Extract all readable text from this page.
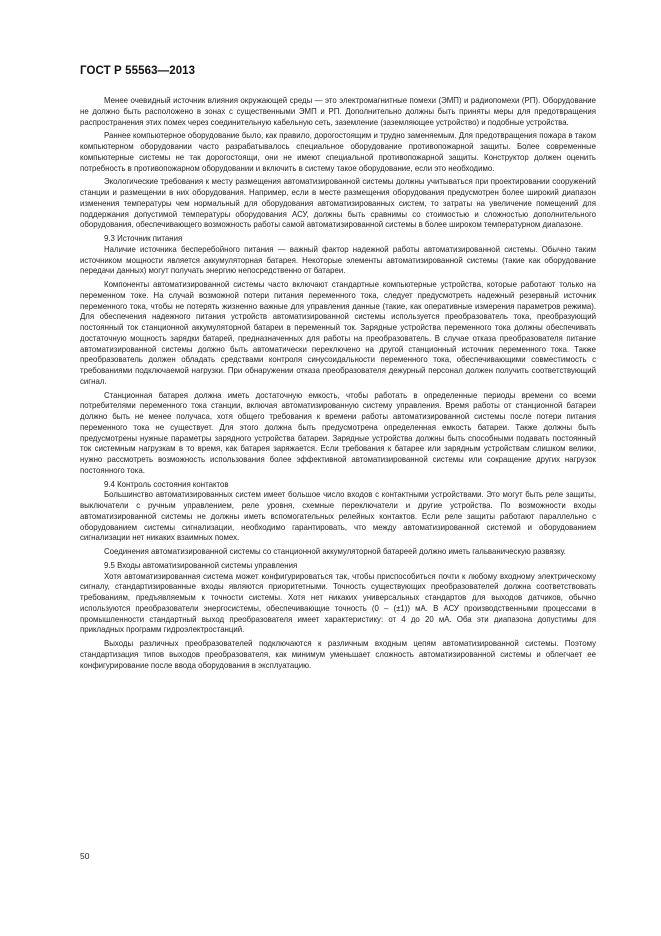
ГОСТ Р 55563—2013

Менее очевидный источник влияния окружающей среды — это электромагнитные помехи (ЭМП) и радиопомехи (РП). Оборудование не должно быть расположено в зонах с существенными ЭМП и РП. Дополнительно должны быть приняты меры для предотвращения распространения этих помех через соединительную кабельную сеть, заземление (заземляющее устройство) и подобные устройства.

Раннее компьютерное оборудование было, как правило, дорогостоящим и трудно заменяемым. Для предотвращения пожара в таком компьютерном оборудовании часто разрабатывалось специальное оборудование противопожарной защиты. Более современные компьютерные системы не так дорогостоящи, они не имеют специальной противопожарной защиты. Конструктор должен оценить потребность в противопожарном оборудовании и включить в систему такое оборудование, если это необходимо.

Экологические требования к месту размещения автоматизированной системы должны учитываться при проектировании сооружений станции и размещении в них оборудования. Например, если в месте размещения оборудования предусмотрен более широкий диапазон изменения температуры чем нормальный для оборудования автоматизированных систем, то затраты на увеличение помещений для поддержания допустимой температуры оборудования АСУ, должны быть сравнимы со стоимостью и сложностью дополнительного оборудования, обеспечивающего возможность работы самой автоматизированной системы в более широком температурном диапазоне.

9.3 Источник питания

Наличие источника бесперебойного питания — важный фактор надежной работы автоматизированной системы. Обычно таким источником мощности является аккумуляторная батарея. Некоторые элементы автоматизированной системы (такие как оборудование передачи данных) могут получать энергию непосредственно от батареи.

Компоненты автоматизированной системы часто включают стандартные компьютерные устройства, которые работают только на переменном токе. На случай возможной потери питания переменного тока, следует предусмотреть надежный резервный источник переменного тока, чтобы не потерять жизненно важные для управления данные (такие, как оперативные измерения параметров режима). Для обеспечения надежного питания устройств автоматизированной системы используется преобразователь тока, преобразующий постоянный ток станционной аккумуляторной батареи в переменный ток. Зарядные устройства переменного тока должны обеспечивать достаточную мощность зарядки батарей, предназначенных для работы на преобразователь. В случае отказа преобразователя питание автоматизированной системы должно быть автоматически переключено на другой станционный источник переменного тока. Также преобразователь должен обладать средствами контроля синусоидальности переменного тока, обеспечивающими совместимость с требованиями подключаемой нагрузки. При обнаружении отказа преобразователя дежурный персонал должен получить соответствующий сигнал.

Станционная батарея должна иметь достаточную емкость, чтобы работать в определенные периоды времени со всеми потребителями переменного тока станции, включая автоматизированную систему управления. Время работы от станционной батареи должно быть не менее получаса, хотя общего требования к времени работы автоматизированной системы после потери питания переменного тока не существует. Для этого должна быть предусмотрена определенная емкость батареи. Также должны быть предусмотрены нужные параметры зарядного устройства батареи. Зарядные устройства должны быть способными подавать постоянный ток системным нагрузкам в то время, как батарея заряжается. Если требования к батарее или зарядным устройствам слишком велики, нужно рассмотреть возможность использования более эффективной автоматизированной системы или сокращение других нагрузок постоянного тока.

9.4 Контроль состояния контактов

Большинство автоматизированных систем имеет большое число входов с контактными устройствами. Это могут быть реле защиты, выключатели с ручным управлением, реле уровня, схемные переключатели и другие устройства. По возможности входы автоматизированной системы не должны иметь вспомогательных релейных контактов. Если реле защиты работают параллельно с оборудованием системы сигнализации, необходимо гарантировать, что между автоматизированной системой и оборудованием сигнализации нет никаких взаимных помех.

Соединения автоматизированной системы со станционной аккумуляторной батареей должно иметь гальваническую развязку.

9.5 Входы автоматизированной системы управления

Хотя автоматизированная система может конфигурироваться так, чтобы приспособиться почти к любому входному электрическому сигналу, стандартизированные входы являются приоритетными. Точность существующих преобразователей должна соответствовать требованиям, предъявляемым к точности системы. Хотя нет никаких универсальных стандартов для выходов датчиков, обычно используются преобразователи энергосистемы, обеспечивающие точность (0 – (±1)) мА. В АСУ производственными процессами в промышленности стандартный выход преобразователя имеет характеристику: от 4 до 20 мА. Оба эти диапазона допустимы для прикладных программ гидроэлектростанций.

Выходы различных преобразователей подключаются к различным входным цепям автоматизированной системы. Поэтому стандартизация типов выходов преобразователя, как минимум уменьшает сложность автоматизированной системы и облегчает ее конфигурирование после ввода оборудования в эксплуатацию.

50
